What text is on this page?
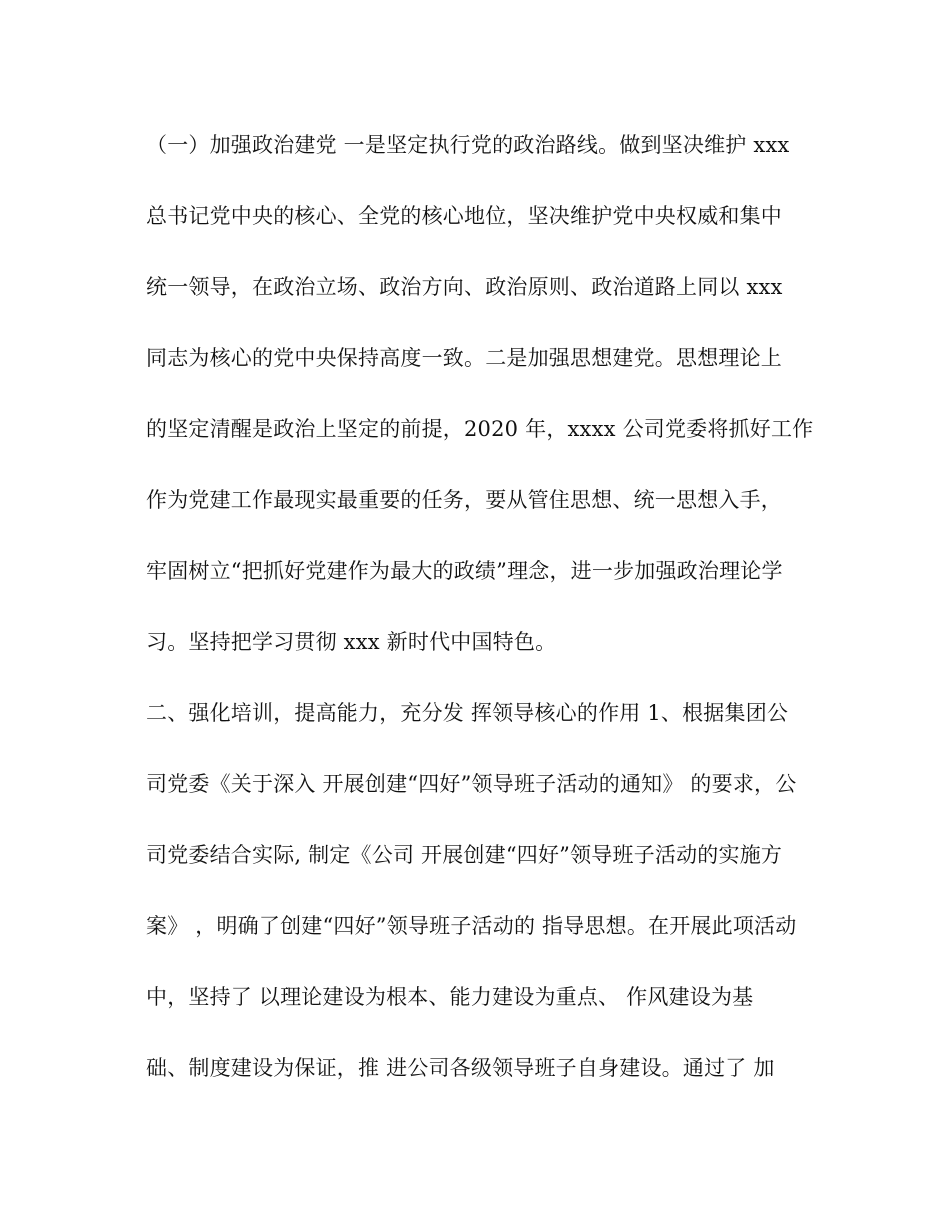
（一）加强政治建党 一是坚定执行党的政治路线。做到坚决维护 xxx
总书记党中央的核心、全党的核心地位，坚决维护党中央权威和集中
统一领导，在政治立场、政治方向、政治原则、政治道路上同以 xxx
同志为核心的党中央保持高度一致。二是加强思想建党。思想理论上
的坚定清醒是政治上坚定的前提，2020 年，xxxx 公司党委将抓好工作
作为党建工作最现实最重要的任务，要从管住思想、统一思想入手，
牢固树立“把抓好党建作为最大的政绩”理念，进一步加强政治理论学
习。坚持把学习贯彻 xxx 新时代中国特色。
二、强化培训，提高能力，充分发 挥领导核心的作用 1、根据集团公
司党委《关于深入 开展创建“四好”领导班子活动的通知》 的要求，公
司党委结合实际, 制定《公司 开展创建“四好”领导班子活动的实施方
案》 ，明确了创建“四好”领导班子活动的 指导思想。在开展此项活动
中，坚持了 以理论建设为根本、能力建设为重点、 作风建设为基
础、制度建设为保证，推 进公司各级领导班子自身建设。通过了 加
